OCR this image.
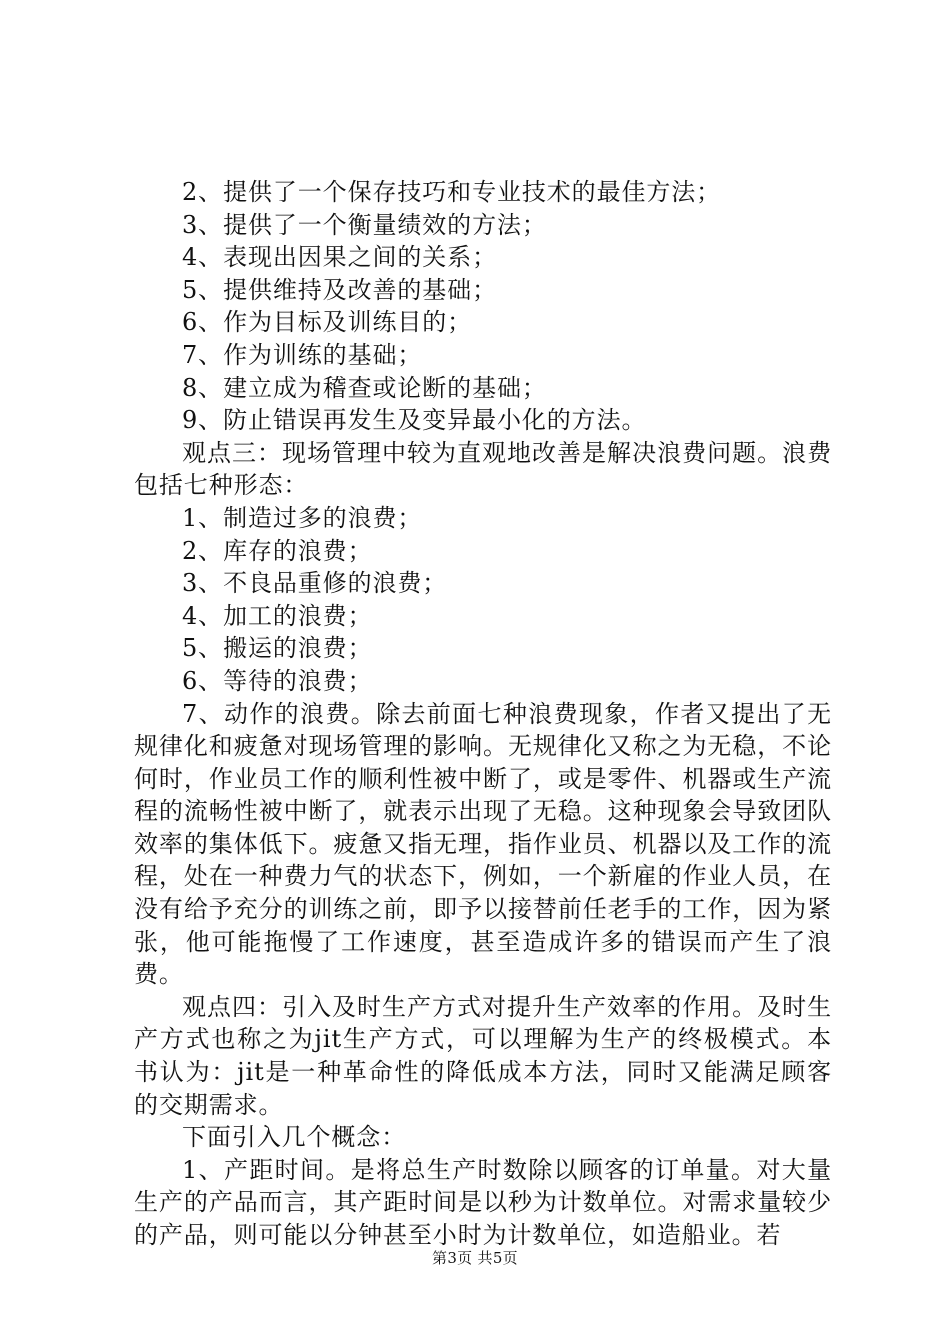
2、提供了一个保存技巧和专业技术的最佳方法；

3、提供了一个衡量绩效的方法；

4、表现出因果之间的关系；

5、提供维持及改善的基础；

6、作为目标及训练目的；

7、作为训练的基础；

8、建立成为稽查或论断的基础；

9、防止错误再发生及变异最小化的方法。

观点三：现场管理中较为直观地改善是解决浪费问题。浪费包括七种形态：

1、制造过多的浪费；

2、库存的浪费；

3、不良品重修的浪费；

4、加工的浪费；

5、搬运的浪费；

6、等待的浪费；

7、动作的浪费。除去前面七种浪费现象，作者又提出了无规律化和疲惫对现场管理的影响。无规律化又称之为无稳，不论何时，作业员工作的顺利性被中断了，或是零件、机器或生产流程的流畅性被中断了，就表示出现了无稳。这种现象会导致团队效率的集体低下。疲惫又指无理，指作业员、机器以及工作的流程，处在一种费力气的状态下，例如，一个新雇的作业人员，在没有给予充分的训练之前，即予以接替前任老手的工作，因为紧张，他可能拖慢了工作速度，甚至造成许多的错误而产生了浪费。

观点四：引入及时生产方式对提升生产效率的作用。及时生产方式也称之为jit生产方式，可以理解为生产的终极模式。本书认为：jit是一种革命性的降低成本方法，同时又能满足顾客的交期需求。

下面引入几个概念：

1、产距时间。是将总生产时数除以顾客的订单量。对大量生产的产品而言，其产距时间是以秒为计数单位。对需求量较少的产品，则可能以分钟甚至小时为计数单位，如造船业。若

第3页 共5页
